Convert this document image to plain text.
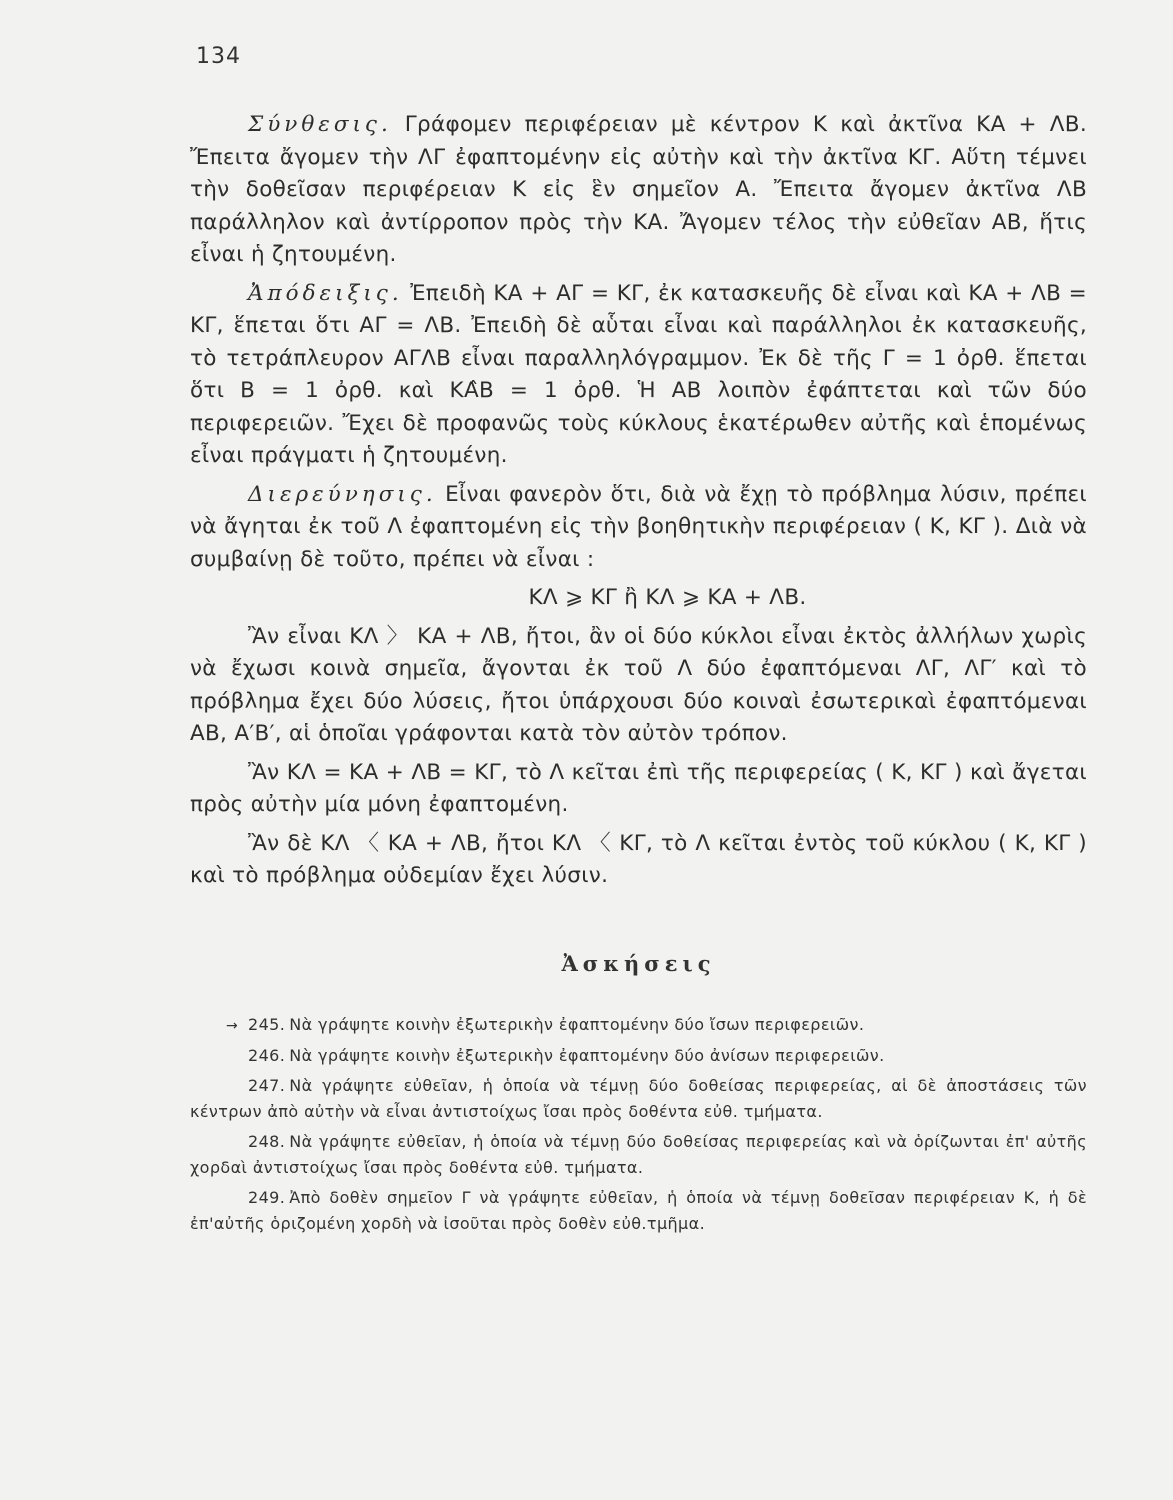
134

Σύνθεσις. Γράφομεν περιφέρειαν μὲ κέντρον Κ καὶ ἀκτῖνα ΚΑ + ΛΒ. Ἔπειτα ἄγομεν τὴν ΛΓ ἐφαπτομένην εἰς αὐτὴν καὶ τὴν ἀκτῖνα ΚΓ. Αὕτη τέμνει τὴν δοθεῖσαν περιφέρειαν Κ εἰς ἓν σημεῖον Α. Ἔπειτα ἄγομεν ἀκτῖνα ΛΒ παράλληλον καὶ ἀντίρροπον πρὸς τὴν ΚΑ. Ἄγομεν τέλος τὴν εὐθεῖαν ΑΒ, ἥτις εἶναι ἡ ζητουμένη.

Ἀπόδειξις. Ἐπειδὴ ΚΑ + ΑΓ = ΚΓ, ἐκ κατασκευῆς δὲ εἶναι καὶ ΚΑ + ΛΒ = ΚΓ, ἕπεται ὅτι ΑΓ = ΛΒ. Ἐπειδὴ δὲ αὗται εἶναι καὶ παράλληλοι ἐκ κατασκευῆς, τὸ τετράπλευρον ΑΓΛΒ εἶναι παραλληλόγραμμον. Ἐκ δὲ τῆς Γ = 1 ὀρθ. ἕπεται ὅτι Β = 1 ὀρθ. καὶ ΚΑ̂Β = 1 ὀρθ. Ἡ ΑΒ λοιπὸν ἐφάπτεται καὶ τῶν δύο περιφερειῶν. Ἔχει δὲ προφανῶς τοὺς κύκλους ἑκατέρωθεν αὐτῆς καὶ ἑπομένως εἶναι πράγματι ἡ ζητουμένη.

Διερεύνησις. Εἶναι φανερὸν ὅτι, διὰ νὰ ἔχῃ τὸ πρόβλημα λύσιν, πρέπει νὰ ἄγηται ἐκ τοῦ Λ ἐφαπτομένη εἰς τὴν βοηθητικὴν περιφέρειαν ( Κ, ΚΓ ). Διὰ νὰ συμβαίνῃ δὲ τοῦτο, πρέπει νὰ εἶναι :

ΚΛ ⩾ ΚΓ ἢ ΚΛ ⩾ ΚΑ + ΛΒ.

Ἂν εἶναι ΚΛ 〉 ΚΑ + ΛΒ, ἤτοι, ἂν οἱ δύο κύκλοι εἶναι ἐκτὸς ἀλλήλων χωρὶς νὰ ἔχωσι κοινὰ σημεῖα, ἄγονται ἐκ τοῦ Λ δύο ἐφαπτόμεναι ΛΓ, ΛΓ′ καὶ τὸ πρόβλημα ἔχει δύο λύσεις, ἤτοι ὑπάρχουσι δύο κοιναὶ ἐσωτερικαὶ ἐφαπτόμεναι ΑΒ, Α′Β′, αἱ ὁποῖαι γράφονται κατὰ τὸν αὐτὸν τρόπον.

Ἂν ΚΛ = ΚΑ + ΛΒ = ΚΓ, τὸ Λ κεῖται ἐπὶ τῆς περιφερείας ( Κ, ΚΓ ) καὶ ἄγεται πρὸς αὐτὴν μία μόνη ἐφαπτομένη.

Ἂν δὲ ΚΛ 〈 ΚΑ + ΛΒ, ἤτοι ΚΛ 〈 ΚΓ, τὸ Λ κεῖται ἐντὸς τοῦ κύκλου ( Κ, ΚΓ ) καὶ τὸ πρόβλημα οὐδεμίαν ἔχει λύσιν.

Ἀσκήσεις

→ 245. Νὰ γράψητε κοινὴν ἐξωτερικὴν ἐφαπτομένην δύο ἴσων περιφερειῶν.

246. Νὰ γράψητε κοινὴν ἐξωτερικὴν ἐφαπτομένην δύο ἀνίσων περιφερειῶν.

247. Νὰ γράψητε εὐθεῖαν, ἡ ὁποία νὰ τέμνῃ δύο δοθείσας περιφερείας, αἱ δὲ ἀποστάσεις τῶν κέντρων ἀπὸ αὐτὴν νὰ εἶναι ἀντιστοίχως ἴσαι πρὸς δοθέντα εὐθ. τμήματα.

248. Νὰ γράψητε εὐθεῖαν, ἡ ὁποία νὰ τέμνῃ δύο δοθείσας περιφερείας καὶ νὰ ὁρίζωνται ἐπ' αὐτῆς χορδαὶ ἀντιστοίχως ἴσαι πρὸς δοθέντα εὐθ. τμήματα.

249. Ἀπὸ δοθὲν σημεῖον Γ νὰ γράψητε εὐθεῖαν, ἡ ὁποία νὰ τέμνῃ δοθεῖσαν περιφέρειαν Κ, ἡ δὲ ἐπ'αὐτῆς ὁριζομένη χορδὴ νὰ ἰσοῦται πρὸς δοθὲν εὐθ.τμῆμα.
